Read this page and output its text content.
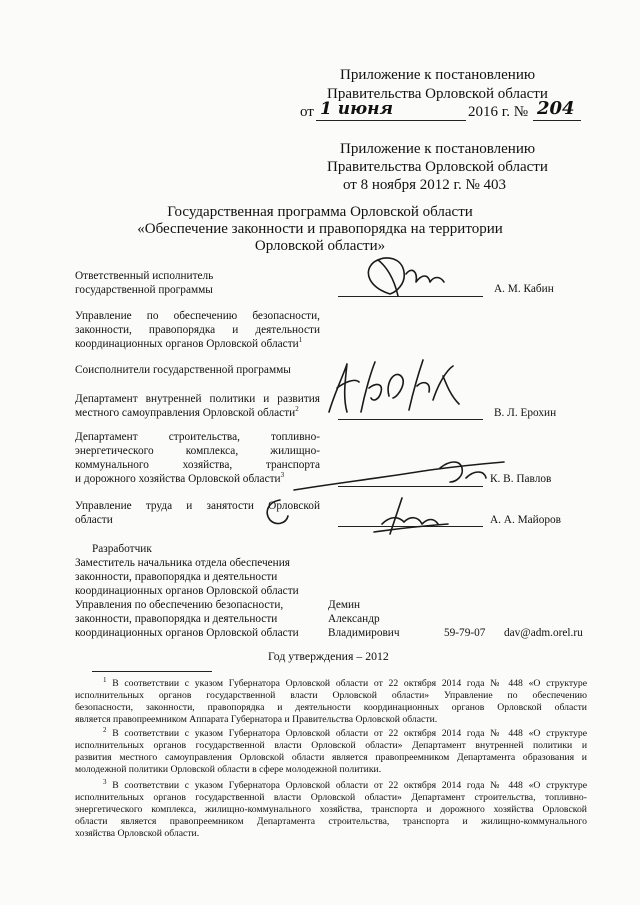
Приложение к постановлению
Правительства Орловской области
от 1 июня	2016 г. № 204
Приложение к постановлению
Правительства Орловской области
от 8 ноября 2012 г. № 403
Государственная программа Орловской области
«Обеспечение законности и правопорядка на территории
Орловской области»
Ответственный исполнитель
государственной программы	А. М. Кабин
Управление по обеспечению безопасности,
законности, правопорядка и деятельности
координационных органов Орловской области$^1$
Соисполнители государственной программы
Департамент внутренней политики и развития
местного самоуправления Орловской области$^2$	В. Л. Ерохин
Департамент строительства, топливно-
энергетического комплекса, жилищно-
коммунального хозяйства, транспорта
и дорожного хозяйства Орловской области$^3$	К. В. Павлов
Управление труда и занятости Орловской
области	А. А. Майоров
Разработчик
Заместитель начальника отдела обеспечения
законности, правопорядка и деятельности
координационных органов Орловской области
Управления по обеспечению безопасности,
законности, правопорядка и деятельности
координационных органов Орловской области
Демин
Александр
Владимирович	59-79-07 dav@adm.orel.ru
Год утверждения – 2012
$^1$ В соответствии с указом Губернатора Орловской области от 22 октября 2014 года № 448 «О структуре
исполнительных органов государственной власти Орловской области» Управление по обеспечению
безопасности, законности, правопорядка и деятельности координационных органов Орловской области
является правопреемником Аппарата Губернатора и Правительства Орловской области.
$^2$ В соответствии с указом Губернатора Орловской области от 22 октября 2014 года № 448 «О структуре
исполнительных органов государственной власти Орловской области» Департамент внутренней политики и
развития местного самоуправления Орловской области является правопреемником Департамента образования и
молодежной политики Орловской области в сфере молодежной политики.
$^3$ В соответствии с указом Губернатора Орловской области от 22 октября 2014 года № 448 «О структуре
исполнительных органов государственной власти Орловской области» Департамент строительства, топливно-
энергетического комплекса, жилищно-коммунального хозяйства, транспорта и дорожного хозяйства Орловской
области является правопреемником Департамента строительства, транспорта и жилищно-коммунального
хозяйства Орловской области.
